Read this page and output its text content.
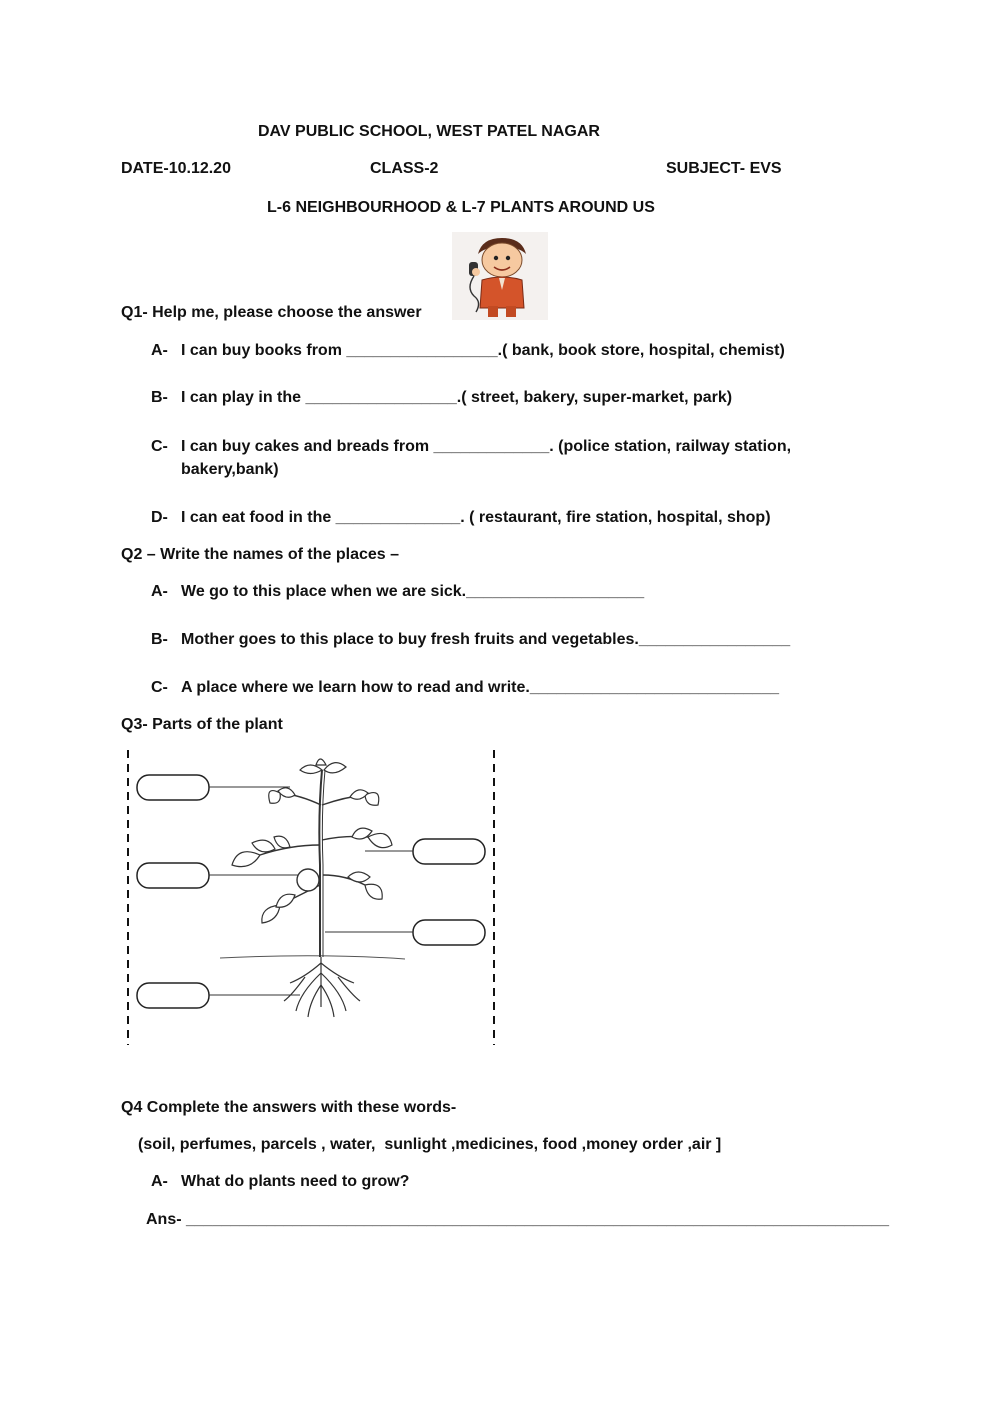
DAV PUBLIC SCHOOL, WEST PATEL NAGAR
DATE-10.12.20	CLASS-2	SUBJECT- EVS
L-6 NEIGHBOURHOOD & L-7 PLANTS AROUND US
Q1- Help me, please choose the answer
A- I can buy books from _________________.( bank, book store, hospital, chemist)
B- I can play in the _________________.( street, bakery, super-market, park)
C- I can buy cakes and breads from _____________. (police station, railway station,
bakery,bank)
D- I can eat food in the ______________. ( restaurant, fire station, hospital, shop)
Q2 – Write the names of the places –
A- We go to this place when we are sick.____________________
B- Mother goes to this place to buy fresh fruits and vegetables._________________
C- A place where we learn how to read and write.____________________________
Q3- Parts of the plant
Q4 Complete the answers with these words-
(soil, perfumes, parcels , water,  sunlight ,medicines, food ,money order ,air ]
A- What do plants need to grow?
Ans- _______________________________________________________________________________
